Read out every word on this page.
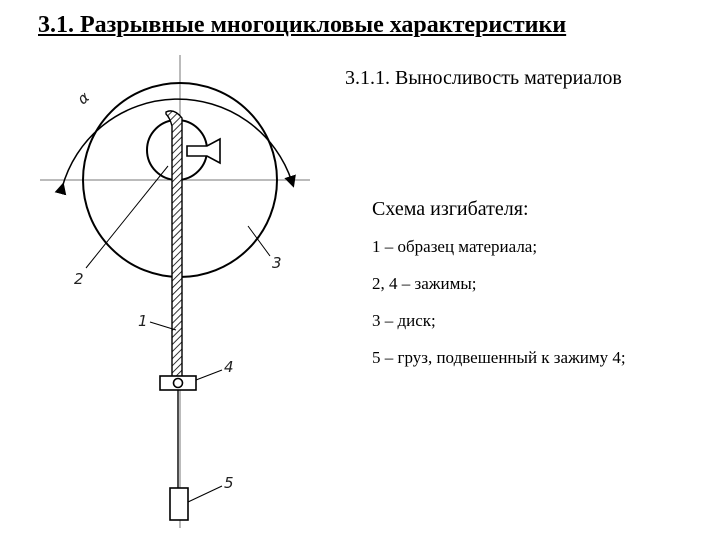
3.1. Разрывные многоцикловые характеристики
3.1.1. Выносливость материалов
α
2
3
1
4
5
Схема изгибателя:
1 – образец материала;
2, 4 – зажимы;
3 – диск;
5 – груз, подвешенный к зажиму 4;
